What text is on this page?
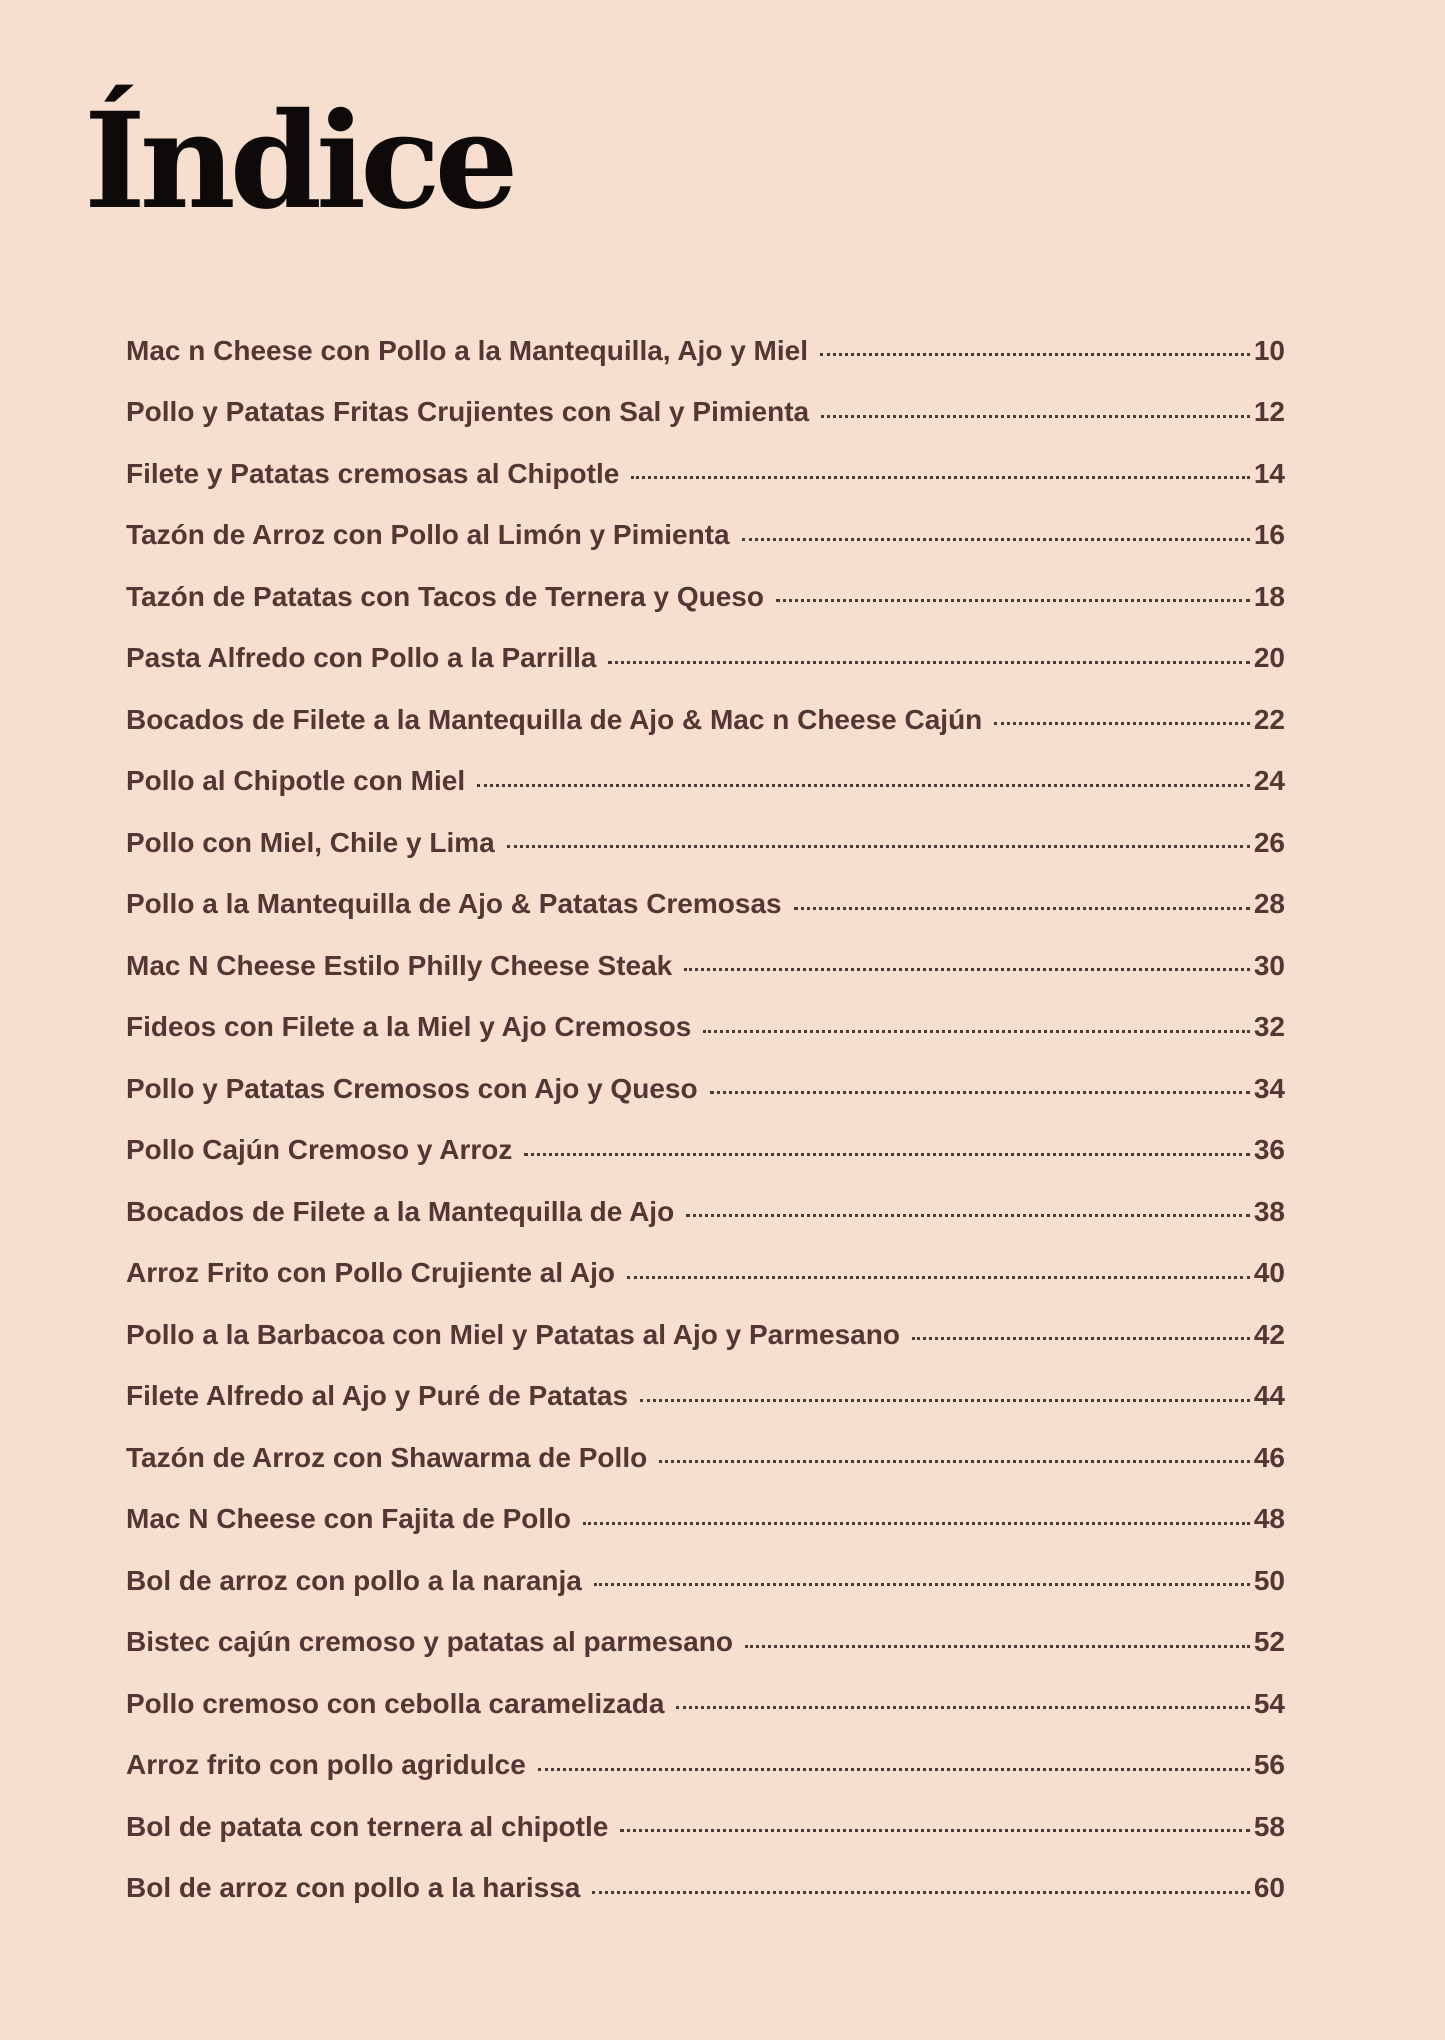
Índice
Mac n Cheese con Pollo a la Mantequilla, Ajo y Miel	10
Pollo y Patatas Fritas Crujientes con Sal y Pimienta	12
Filete y Patatas cremosas al Chipotle	14
Tazón de Arroz con Pollo al Limón y Pimienta	16
Tazón de Patatas con Tacos de Ternera y Queso	18
Pasta Alfredo con Pollo a la Parrilla	20
Bocados de Filete a la Mantequilla de Ajo & Mac n Cheese Cajún	22
Pollo al Chipotle con Miel	24
Pollo con Miel, Chile y Lima	26
Pollo a la Mantequilla de Ajo & Patatas Cremosas	28
Mac N Cheese Estilo Philly Cheese Steak	30
Fideos con Filete a la Miel y Ajo Cremosos	32
Pollo y Patatas Cremosos con Ajo y Queso	34
Pollo Cajún Cremoso y Arroz	36
Bocados de Filete a la Mantequilla de Ajo	38
Arroz Frito con Pollo Crujiente al Ajo	40
Pollo a la Barbacoa con Miel y Patatas al Ajo y Parmesano	42
Filete Alfredo al Ajo y Puré de Patatas	44
Tazón de Arroz con Shawarma de Pollo	46
Mac N Cheese con Fajita de Pollo	48
Bol de arroz con pollo a la naranja	50
Bistec cajún cremoso y patatas al parmesano	52
Pollo cremoso con cebolla caramelizada	54
Arroz frito con pollo agridulce	56
Bol de patata con ternera al chipotle	58
Bol de arroz con pollo a la harissa	60
